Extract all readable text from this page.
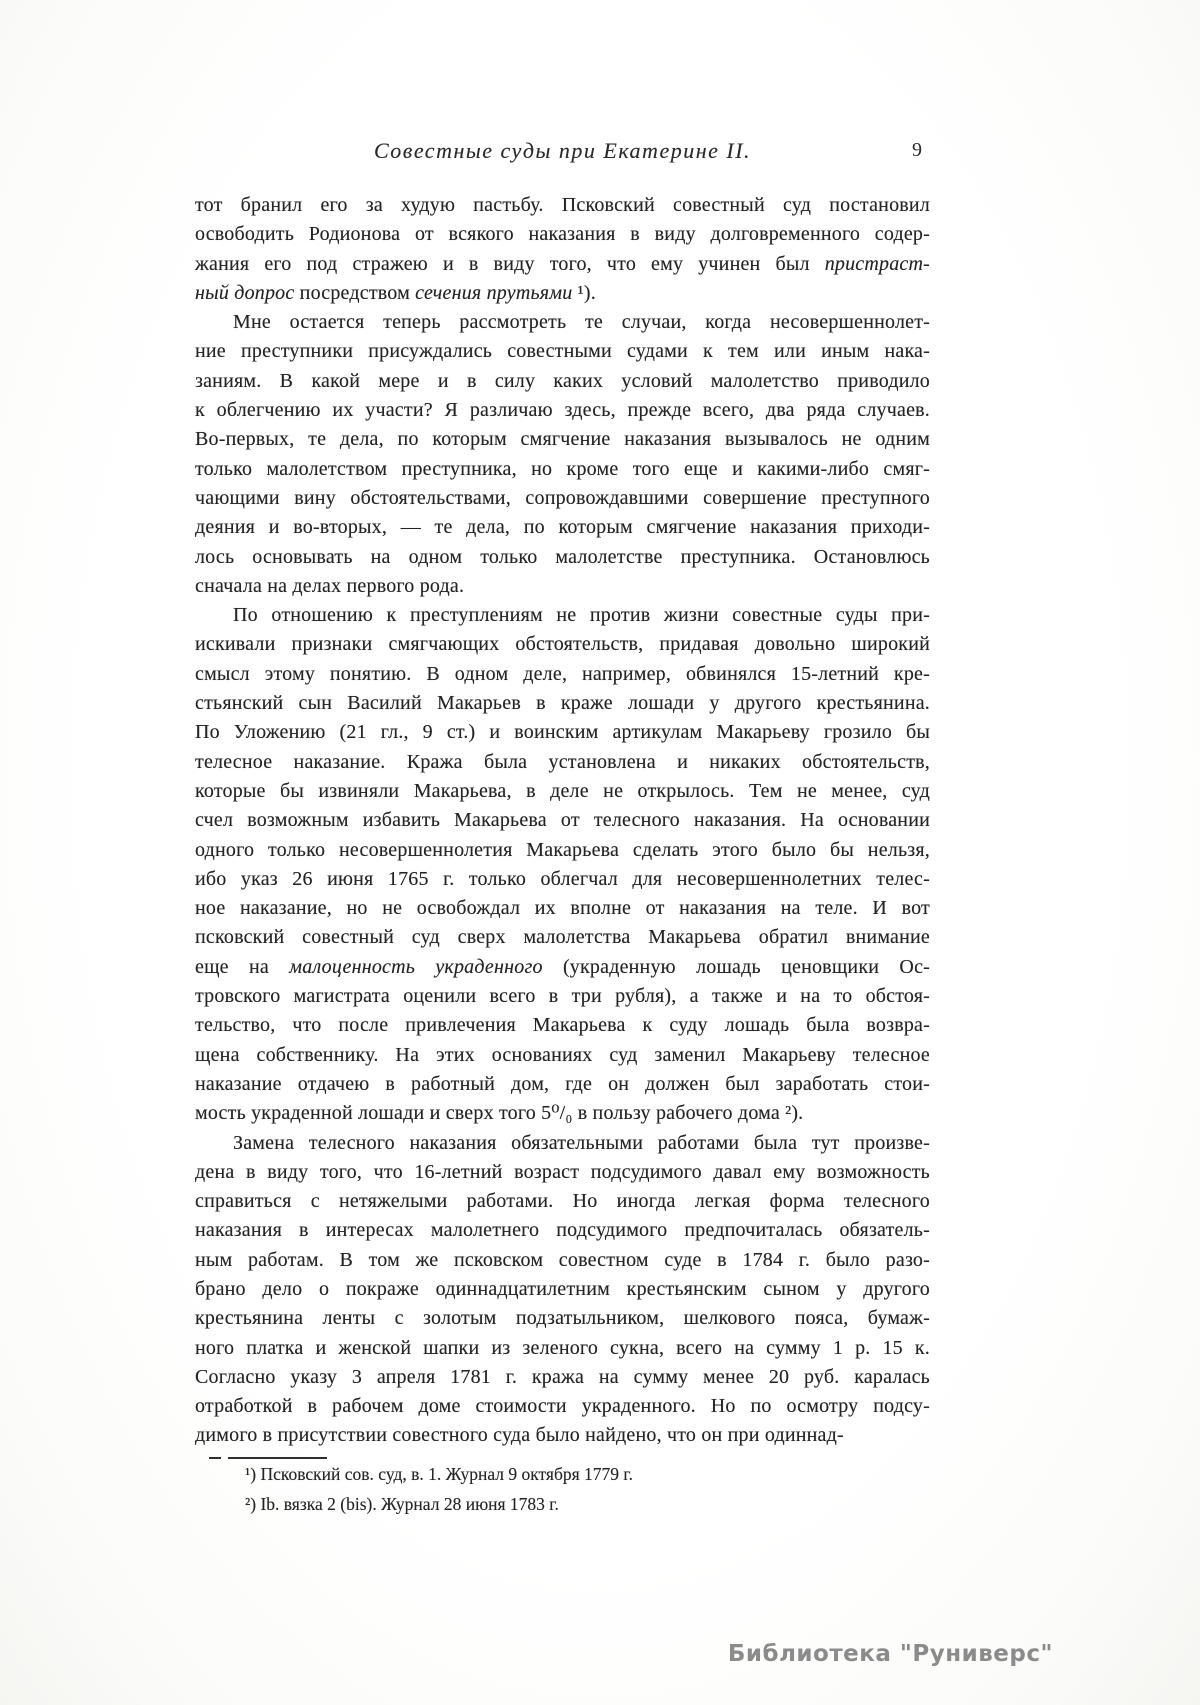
Совестные суды при Екатерине II.	9
тот бранил его за худую пастьбу. Псковский совестный суд постановил
освободить Родионова от всякого наказания в виду долговременного содер-
жания его под стражею и в виду того, что ему учинен был пристраст-
ный допрос посредством сечения прутьями ¹).
Мне остается теперь рассмотреть те случаи, когда несовершеннолет-
ние преступники присуждались совестными судами к тем или иным нака-
заниям. В какой мере и в силу каких условий малолетство приводило
к облегчению их участи? Я различаю здесь, прежде всего, два ряда случаев.
Во-первых, те дела, по которым смягчение наказания вызывалось не одним
только малолетством преступника, но кроме того еще и какими-либо смяг-
чающими вину обстоятельствами, сопровождавшими совершение преступного
деяния и во-вторых, — те дела, по которым смягчение наказания приходи-
лось основывать на одном только малолетстве преступника. Остановлюсь
сначала на делах первого рода.
По отношению к преступлениям не против жизни совестные суды при-
искивали признаки смягчающих обстоятельств, придавая довольно широкий
смысл этому понятию. В одном деле, например, обвинялся 15-летний кре-
стьянский сын Василий Макарьев в краже лошади у другого крестьянина.
По Уложению (21 гл., 9 ст.) и воинским артикулам Макарьеву грозило бы
телесное наказание. Кража была установлена и никаких обстоятельств,
которые бы извиняли Макарьева, в деле не открылось. Тем не менее, суд
счел возможным избавить Макарьева от телесного наказания. На основании
одного только несовершеннолетия Макарьева сделать этого было бы нельзя,
ибо указ 26 июня 1765 г. только облегчал для несовершеннолетних телес-
ное наказание, но не освобождал их вполне от наказания на теле. И вот
псковский совестный суд сверх малолетства Макарьева обратил внимание
еще на малоценность украденного (украденную лошадь ценовщики Ос-
тровского магистрата оценили всего в три рубля), а также и на то обстоя-
тельство, что после привлечения Макарьева к суду лошадь была возвра-
щена собственнику. На этих основаниях суд заменил Макарьеву телесное
наказание отдачею в работный дом, где он должен был заработать стои-
мость украденной лошади и сверх того 5⁰/₀ в пользу рабочего дома ²).
Замена телесного наказания обязательными работами была тут произве-
дена в виду того, что 16-летний возраст подсудимого давал ему возможность
справиться с нетяжелыми работами. Но иногда легкая форма телесного
наказания в интересах малолетнего подсудимого предпочиталась обязатель-
ным работам. В том же псковском совестном суде в 1784 г. было разо-
брано дело о покраже одиннадцатилетним крестьянским сыном у другого
крестьянина ленты с золотым подзатыльником, шелкового пояса, бумаж-
ного платка и женской шапки из зеленого сукна, всего на сумму 1 р. 15 к.
Согласно указу 3 апреля 1781 г. кража на сумму менее 20 руб. каралась
отработкой в рабочем доме стоимости украденного. Но по осмотру подсу-
димого в присутствии совестного суда было найдено, что он при одиннад-
¹) Псковский сов. суд, в. 1. Журнал 9 октября 1779 г.
²) Ib. вязка 2 (bis). Журнал 28 июня 1783 г.
Библиотека "Руниверс"
